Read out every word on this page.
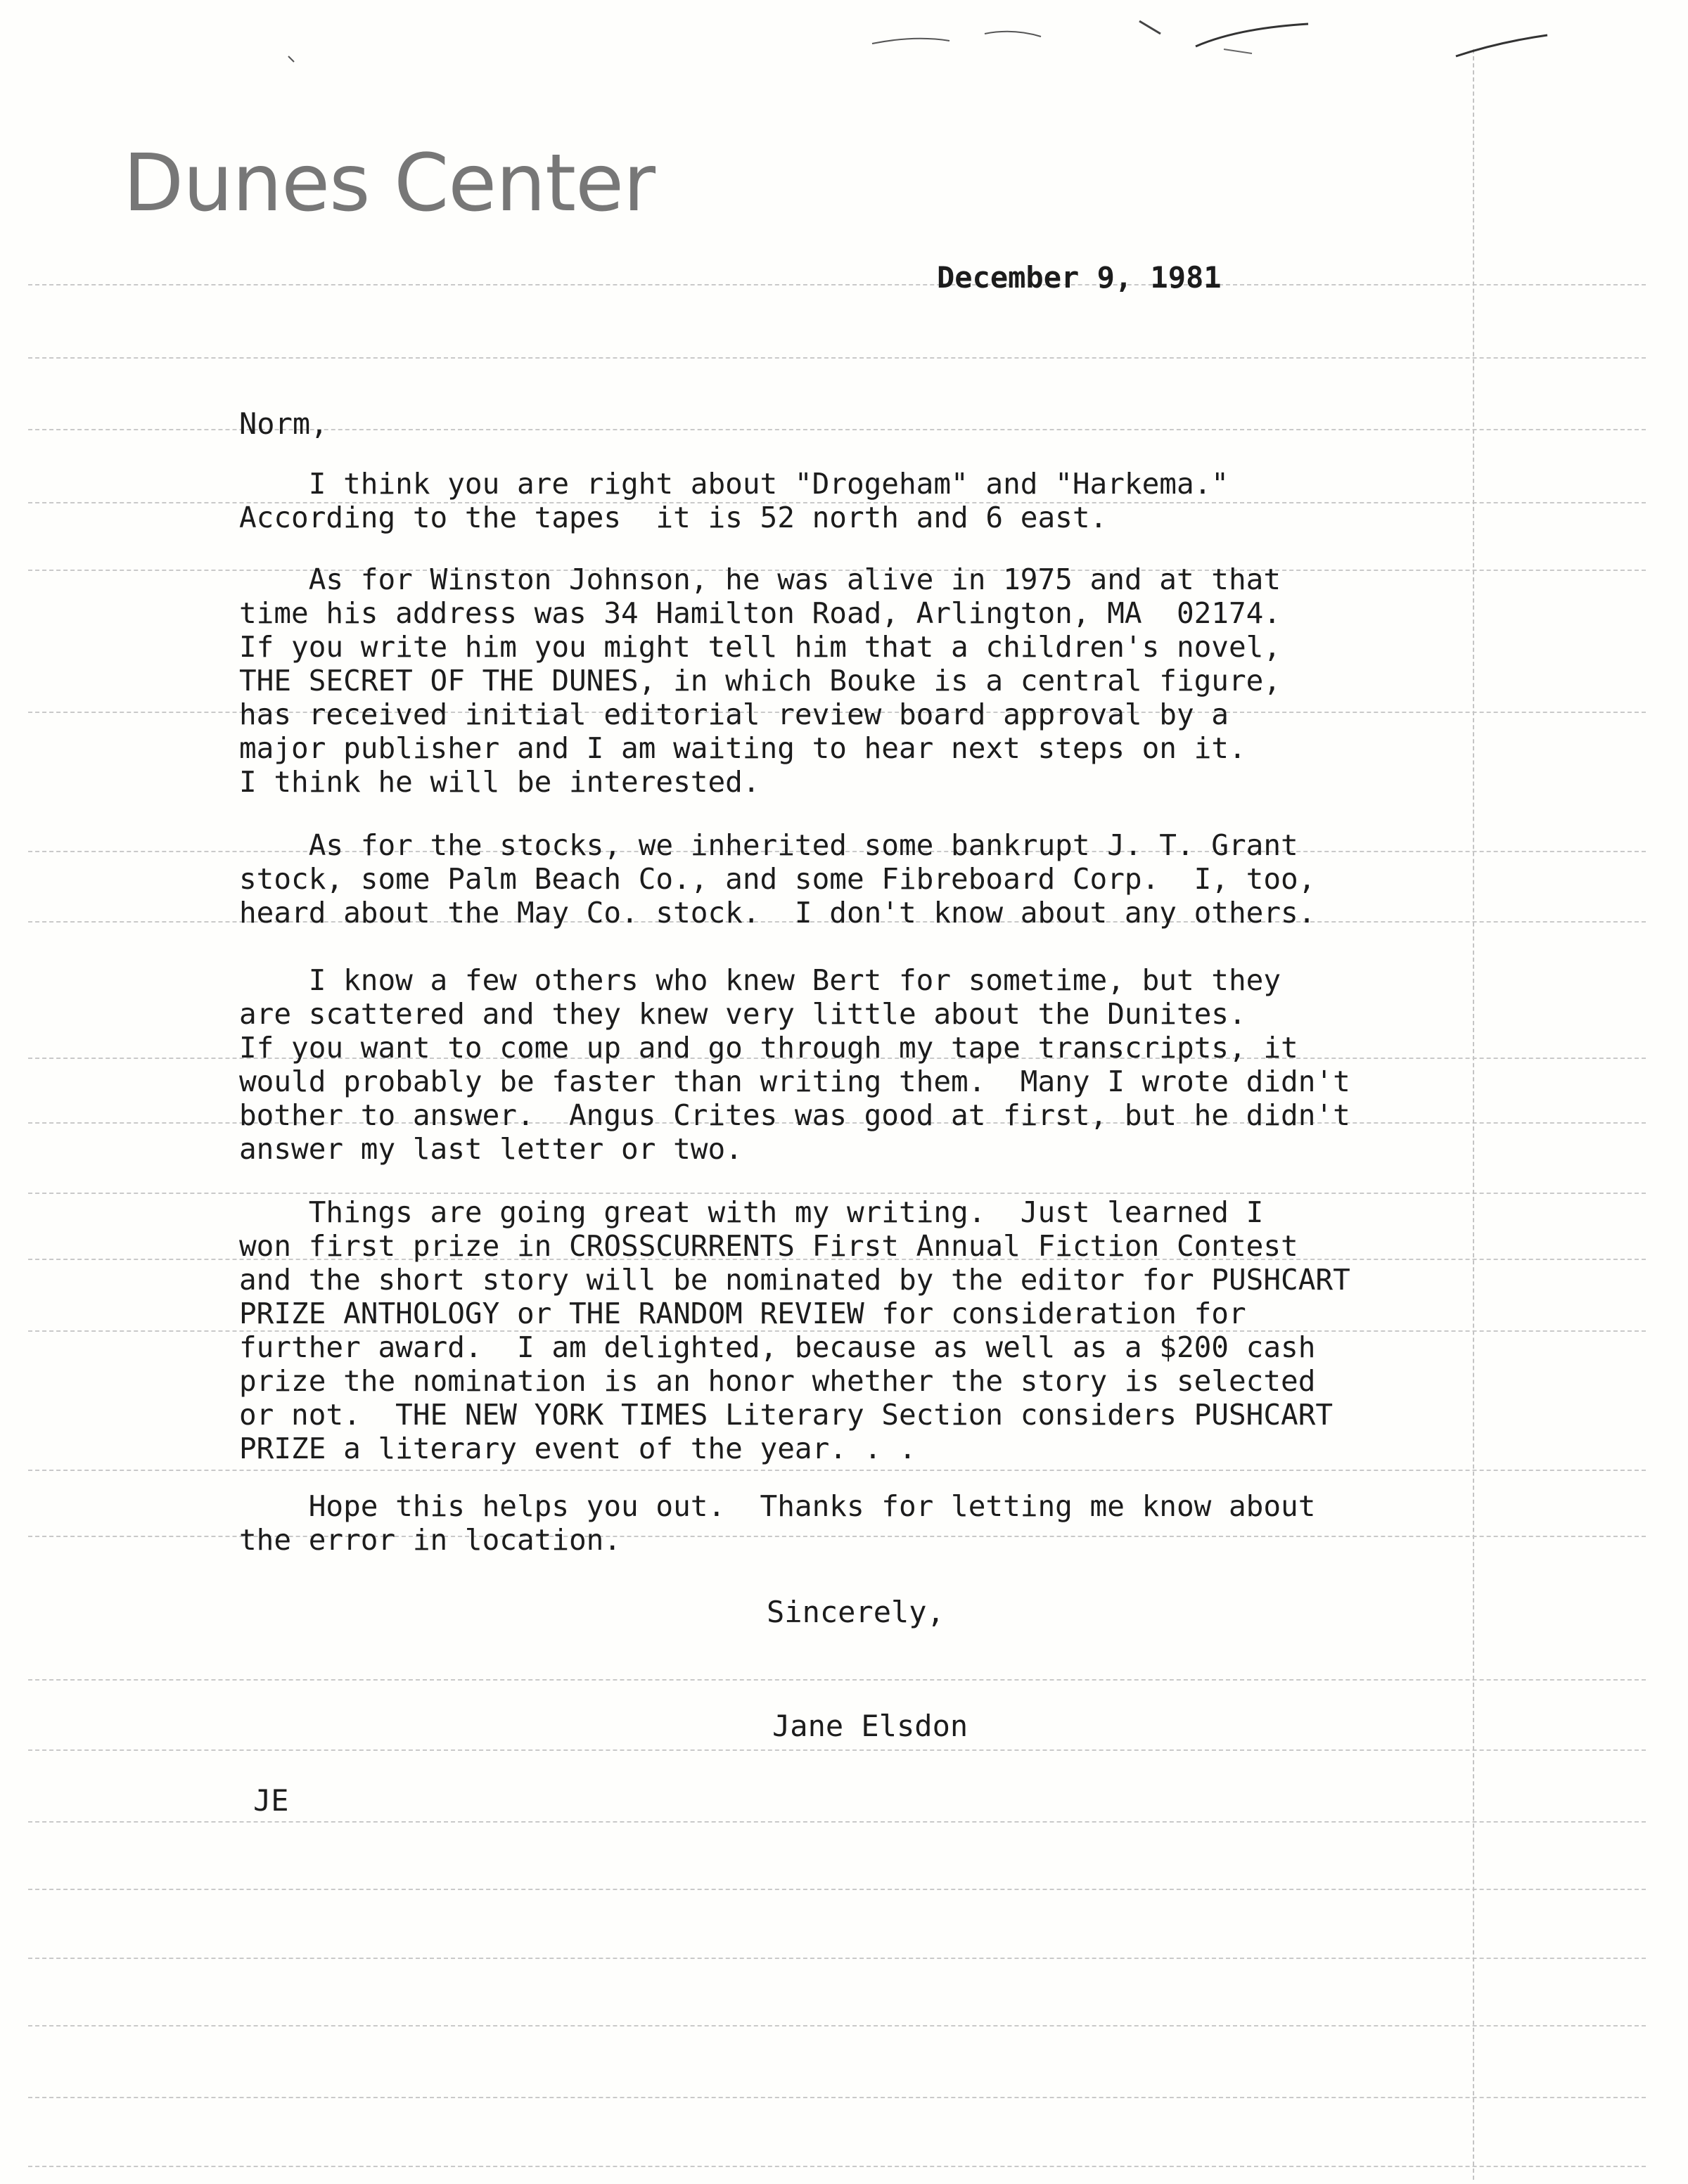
Dunes Center
December 9, 1981
Norm,
I think you are right about "Drogeham" and "Harkema."
According to the tapes  it is 52 north and 6 east.
As for Winston Johnson, he was alive in 1975 and at that
time his address was 34 Hamilton Road, Arlington, MA  02174.
If you write him you might tell him that a children's novel,
THE SECRET OF THE DUNES, in which Bouke is a central figure,
has received initial editorial review board approval by a
major publisher and I am waiting to hear next steps on it.
I think he will be interested.
As for the stocks, we inherited some bankrupt J. T. Grant
stock, some Palm Beach Co., and some Fibreboard Corp.  I, too,
heard about the May Co. stock.  I don't know about any others.
I know a few others who knew Bert for sometime, but they
are scattered and they knew very little about the Dunites.
If you want to come up and go through my tape transcripts, it
would probably be faster than writing them.  Many I wrote didn't
bother to answer.  Angus Crites was good at first, but he didn't
answer my last letter or two.
Things are going great with my writing.  Just learned I
won first prize in CROSSCURRENTS First Annual Fiction Contest
and the short story will be nominated by the editor for PUSHCART
PRIZE ANTHOLOGY or THE RANDOM REVIEW for consideration for
further award.  I am delighted, because as well as a $200 cash
prize the nomination is an honor whether the story is selected
or not.  THE NEW YORK TIMES Literary Section considers PUSHCART
PRIZE a literary event of the year. . .
Hope this helps you out.  Thanks for letting me know about
the error in location.
Sincerely,
Jane Elsdon
JE
